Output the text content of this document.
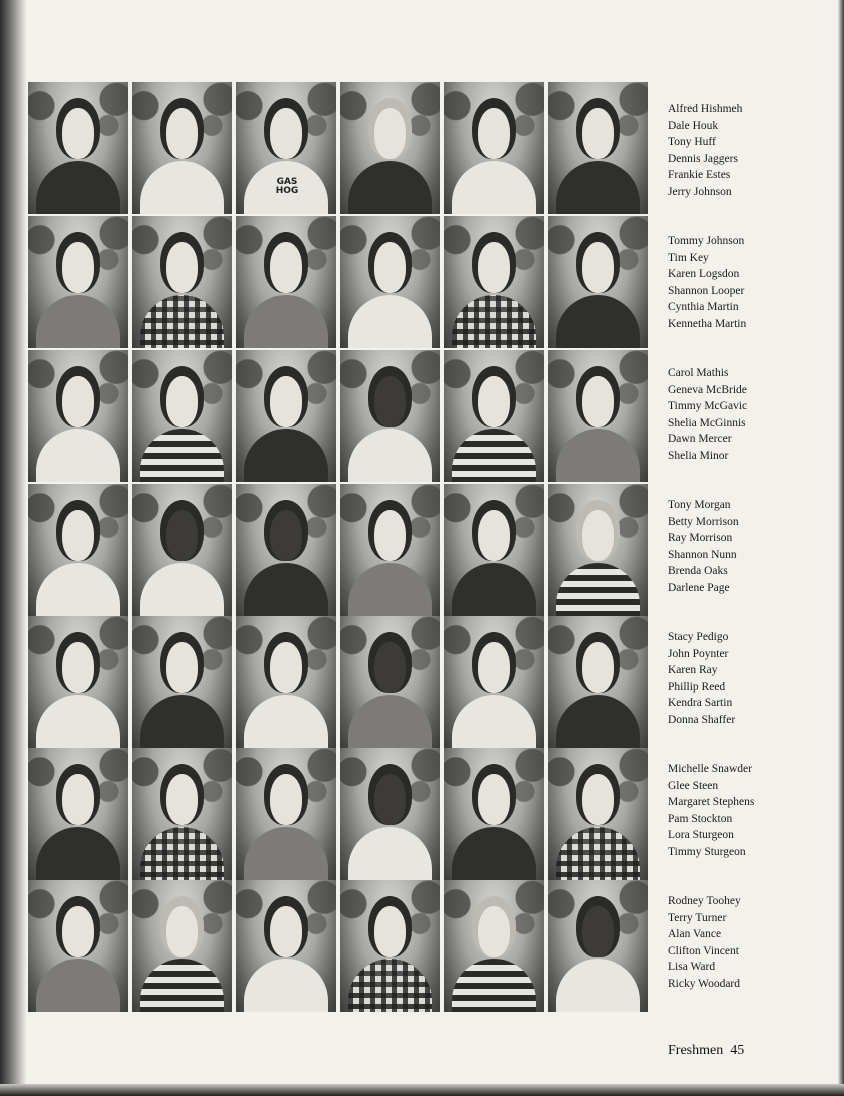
GAS HOG
Alfred Hishmeh
Dale Houk
Tony Huff
Dennis Jaggers
Frankie Estes
Jerry Johnson
Tommy Johnson
Tim Key
Karen Logsdon
Shannon Looper
Cynthia Martin
Kennetha Martin
Carol Mathis
Geneva McBride
Timmy McGavic
Shelia McGinnis
Dawn Mercer
Shelia Minor
Tony Morgan
Betty Morrison
Ray Morrison
Shannon Nunn
Brenda Oaks
Darlene Page
Stacy Pedigo
John Poynter
Karen Ray
Phillip Reed
Kendra Sartin
Donna Shaffer
Michelle Snawder
Glee Steen
Margaret Stephens
Pam Stockton
Lora Sturgeon
Timmy Sturgeon
Rodney Toohey
Terry Turner
Alan Vance
Clifton Vincent
Lisa Ward
Ricky Woodard
Freshmen 45
